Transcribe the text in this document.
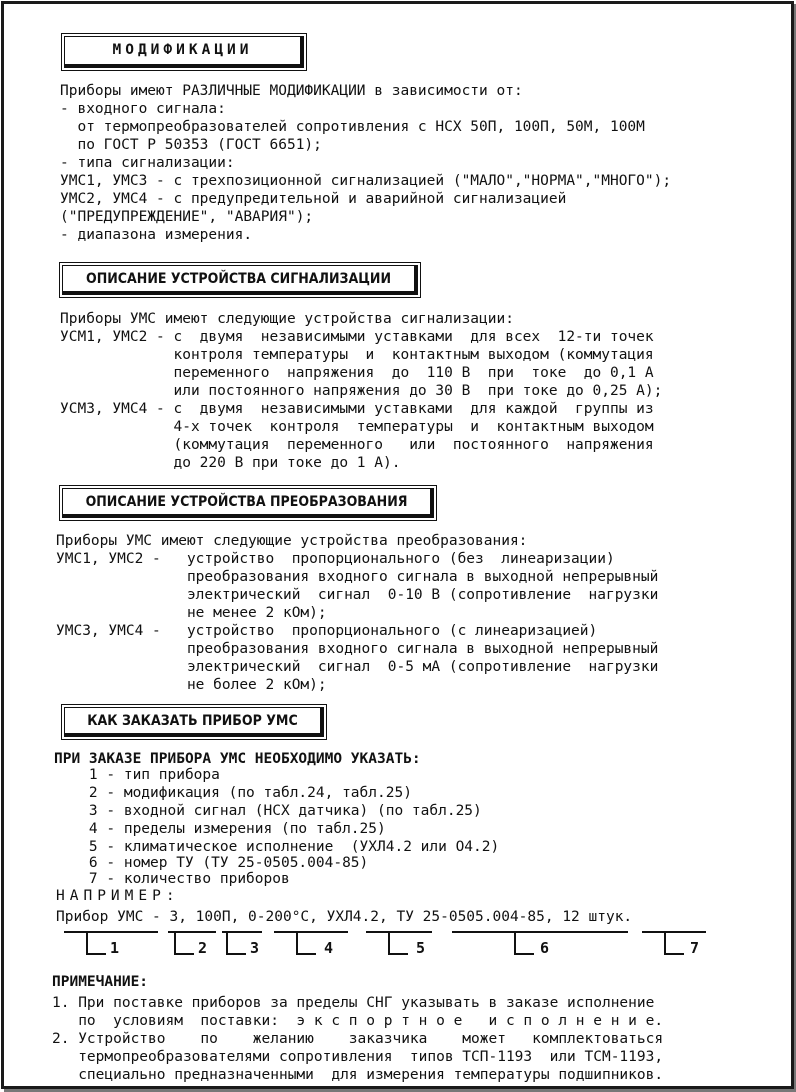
МОДИФИКАЦИИ
Приборы имеют РАЗЛИЧНЫЕ МОДИФИКАЦИИ в зависимости от:
- входного сигнала:
от термопреобразователей сопротивления с НСХ 50П, 100П, 50М, 100М
по ГОСТ Р 50353 (ГОСТ 6651);
- типа сигнализации:
УМС1, УМС3 - с трехпозиционной сигнализацией ("МАЛО","НОРМА","МНОГО");
УМС2, УМС4 - с предупредительной и аварийной сигнализацией
("ПРЕДУПРЕЖДЕНИЕ", "АВАРИЯ");
- диапазона измерения.
ОПИСАНИЕ УСТРОЙСТВА СИГНАЛИЗАЦИИ
Приборы УМС имеют следующие устройства сигнализации:
УСМ1, УМС2 - с  двумя  независимыми уставками  для всех  12-ти точек
контроля температуры  и  контактным выходом (коммутация
переменного  напряжения  до  110 В  при  токе  до 0,1 А
или постоянного напряжения до 30 В  при токе до 0,25 А);
УСМ3, УМС4 - с  двумя  независимыми уставками  для каждой  группы из
4-х точек  контроля  температуры  и  контактным выходом
(коммутация  переменного   или  постоянного  напряжения
до 220 В при токе до 1 А).
ОПИСАНИЕ УСТРОЙСТВА ПРЕОБРАЗОВАНИЯ
Приборы УМС имеют следующие устройства преобразования:
УМС1, УМС2 -   устройство  пропорционального (без  линеаризации)
преобразования входного сигнала в выходной непрерывный
электрический  сигнал  0-10 В (сопротивление  нагрузки
не менее 2 кОм);
УМС3, УМС4 -   устройство  пропорционального (с линеаризацией)
преобразования входного сигнала в выходной непрерывный
электрический  сигнал  0-5 мА (сопротивление  нагрузки
не более 2 кОм);
КАК ЗАКАЗАТЬ ПРИБОР УМС
ПРИ ЗАКАЗЕ ПРИБОРА УМС НЕОБХОДИМО УКАЗАТЬ:
1 - тип прибора
2 - модификация (по табл.24, табл.25)
3 - входной сигнал (НСХ датчика) (по табл.25)
4 - пределы измерения (по табл.25)
5 - климатическое исполнение  (УХЛ4.2 или О4.2)
6 - номер ТУ (ТУ 25-0505.004-85)
7 - количество приборов
НАПРИМЕР:
Прибор УМС - 3, 100П, 0-200°С, УХЛ4.2, ТУ 25-0505.004-85, 12 штук.
1	2	3	4	5	6	7
ПРИМЕЧАНИЕ:
1. При поставке приборов за пределы СНГ указывать в заказе исполнение
по  условиям  поставки:  э к с п о р т н о е   и с п о л н е н и е.
2. Устройство    по    желанию    заказчика    может   комплектоваться
термопреобразователями сопротивления  типов ТСП-1193  или ТСМ-1193,
специально предназначенными  для измерения температуры подшипников.
